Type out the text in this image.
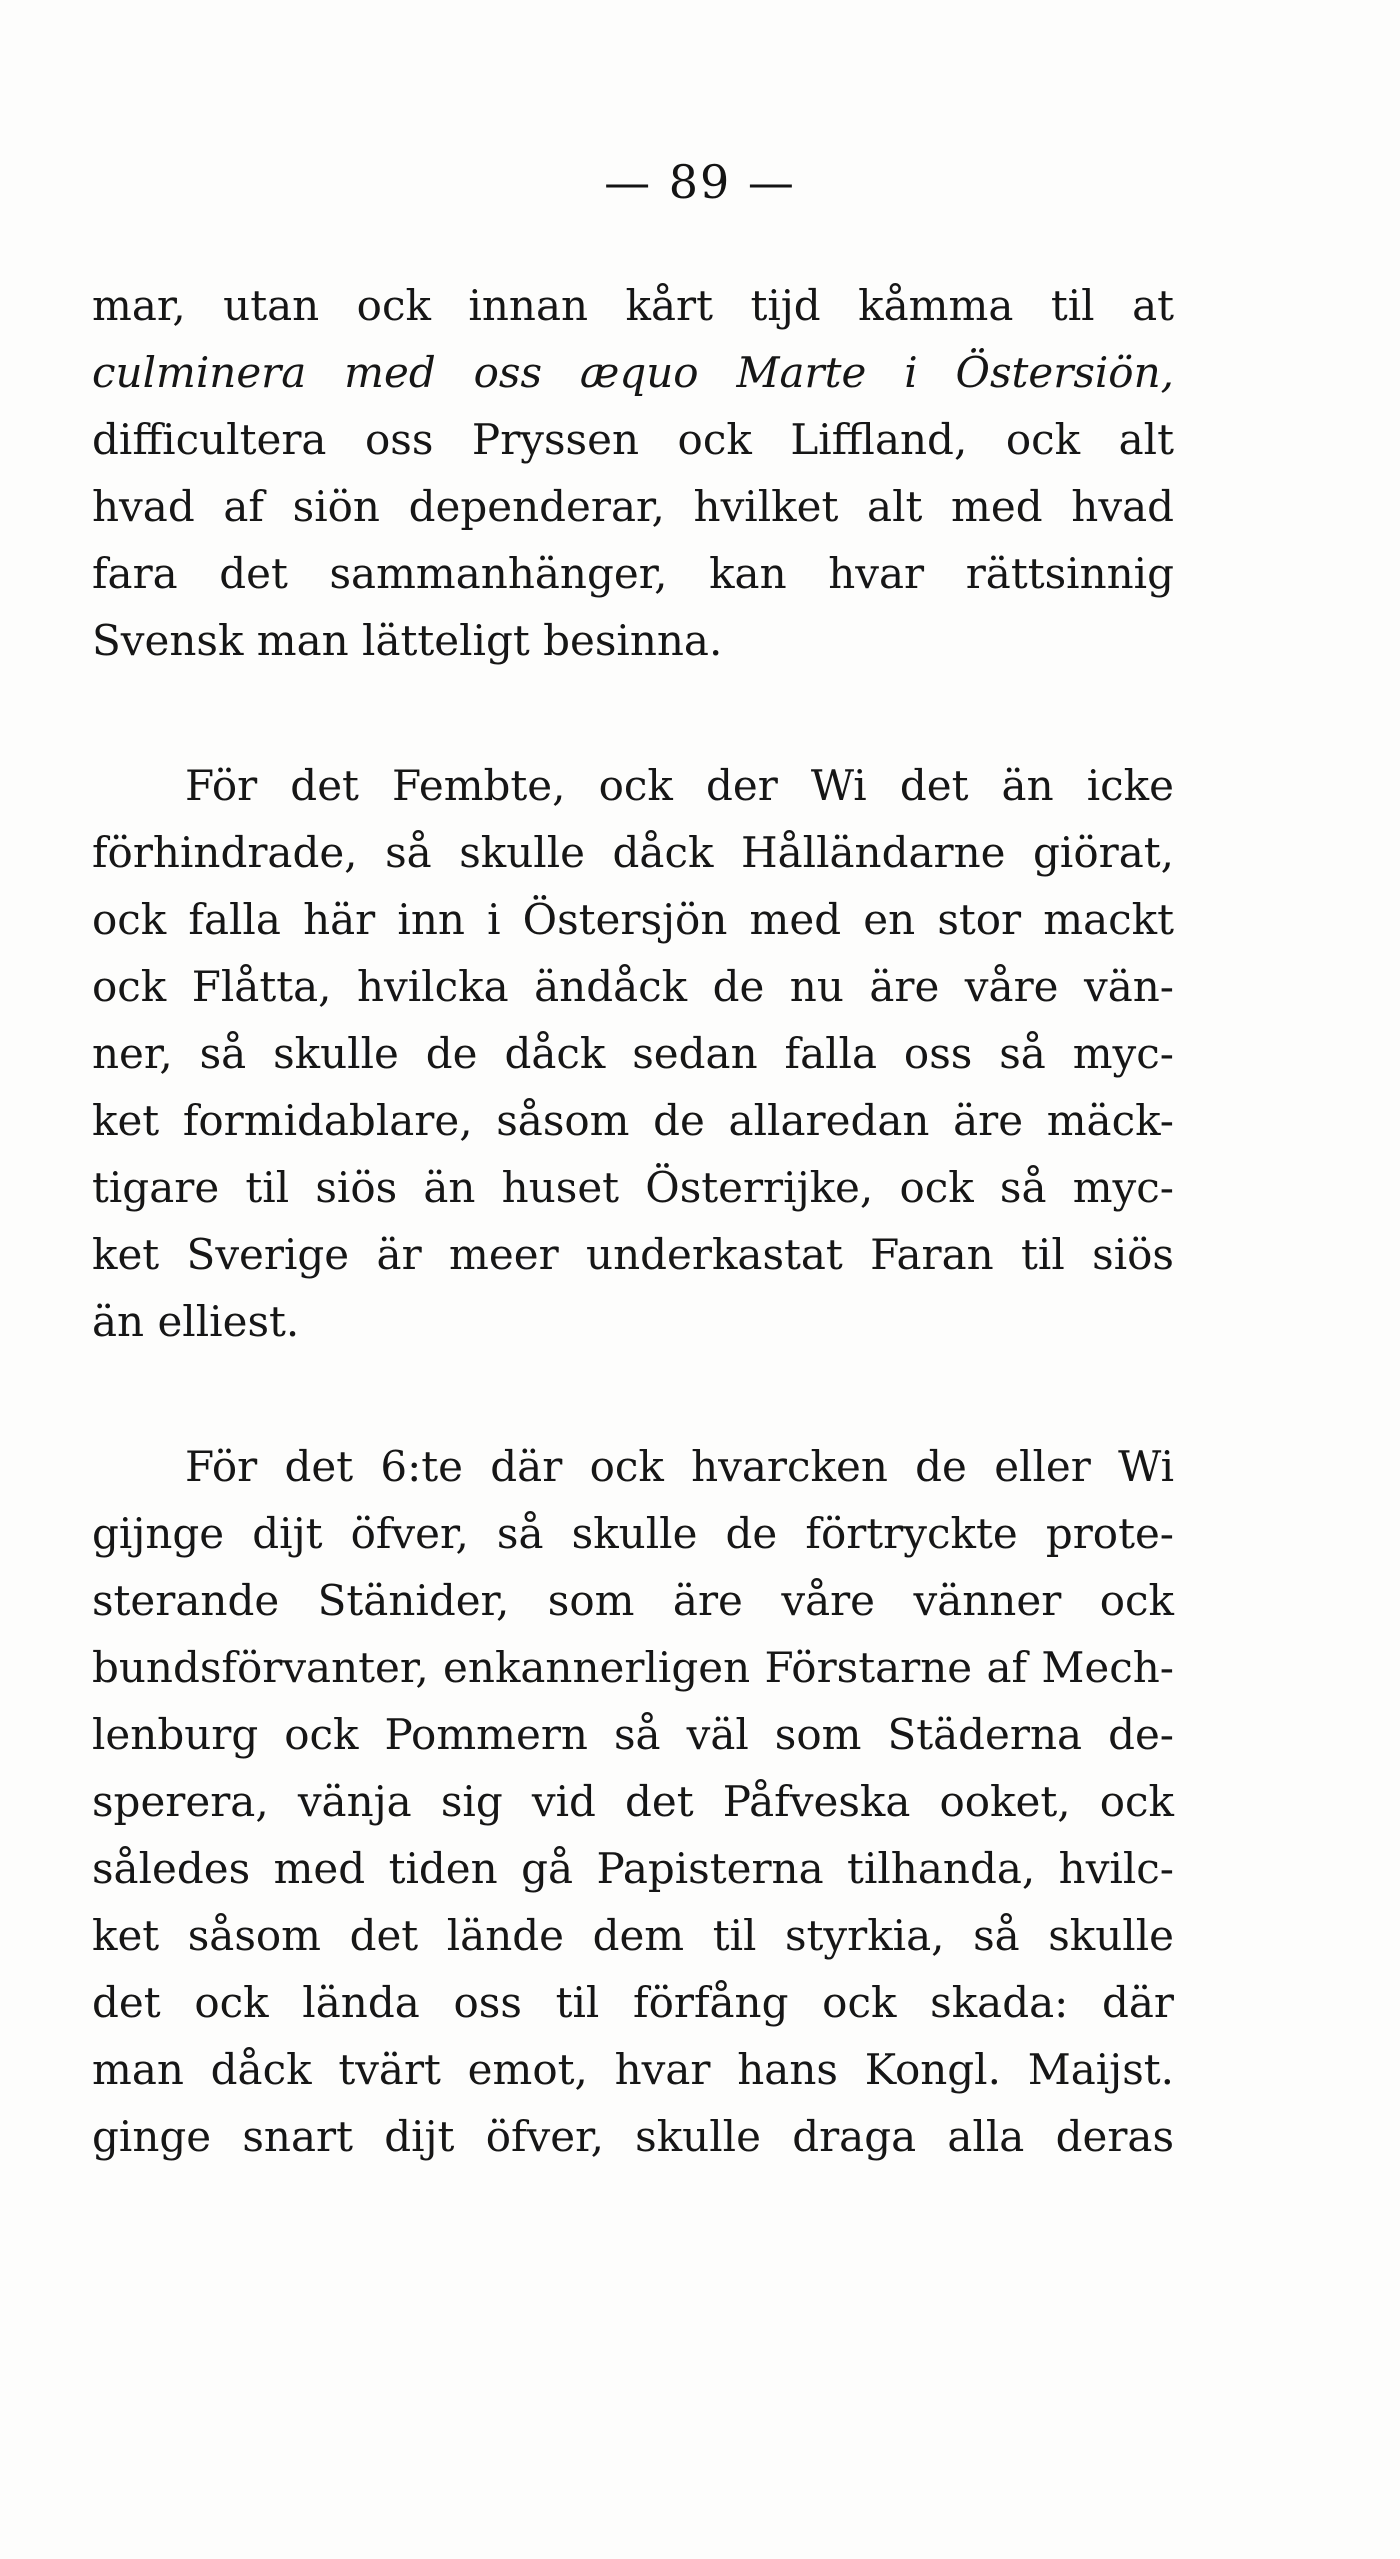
— 89 —
mar, utan ock innan kårt tijd kåmma til at
culminera med oss æquo Marte i Östersiön,
difficultera oss Pryssen ock Liffland, ock alt
hvad af siön dependerar, hvilket alt med hvad
fara det sammanhänger, kan hvar rättsinnig
Svensk man lätteligt besinna.
För det Fembte, ock der Wi det än icke
förhindrade, så skulle dåck Hålländarne giörat,
ock falla här inn i Östersjön med en stor mackt
ock Flåtta, hvilcka ändåck de nu äre våre vän-
ner, så skulle de dåck sedan falla oss så myc-
ket formidablare, såsom de allaredan äre mäck-
tigare til siös än huset Österrijke, ock så myc-
ket Sverige är meer underkastat Faran til siös
än elliest.
För det 6:te där ock hvarcken de eller Wi
gijnge dijt öfver, så skulle de förtryckte prote-
sterande Stänider, som äre våre vänner ock
bundsförvanter, enkannerligen Förstarne af Mech-
lenburg ock Pommern så väl som Städerna de-
sperera, vänja sig vid det Påfveska ooket, ock
således med tiden gå Papisterna tilhanda, hvilc-
ket såsom det lände dem til styrkia, så skulle
det ock lända oss til förfång ock skada: där
man dåck tvärt emot, hvar hans Kongl. Maijst.
ginge snart dijt öfver, skulle draga alla deras
